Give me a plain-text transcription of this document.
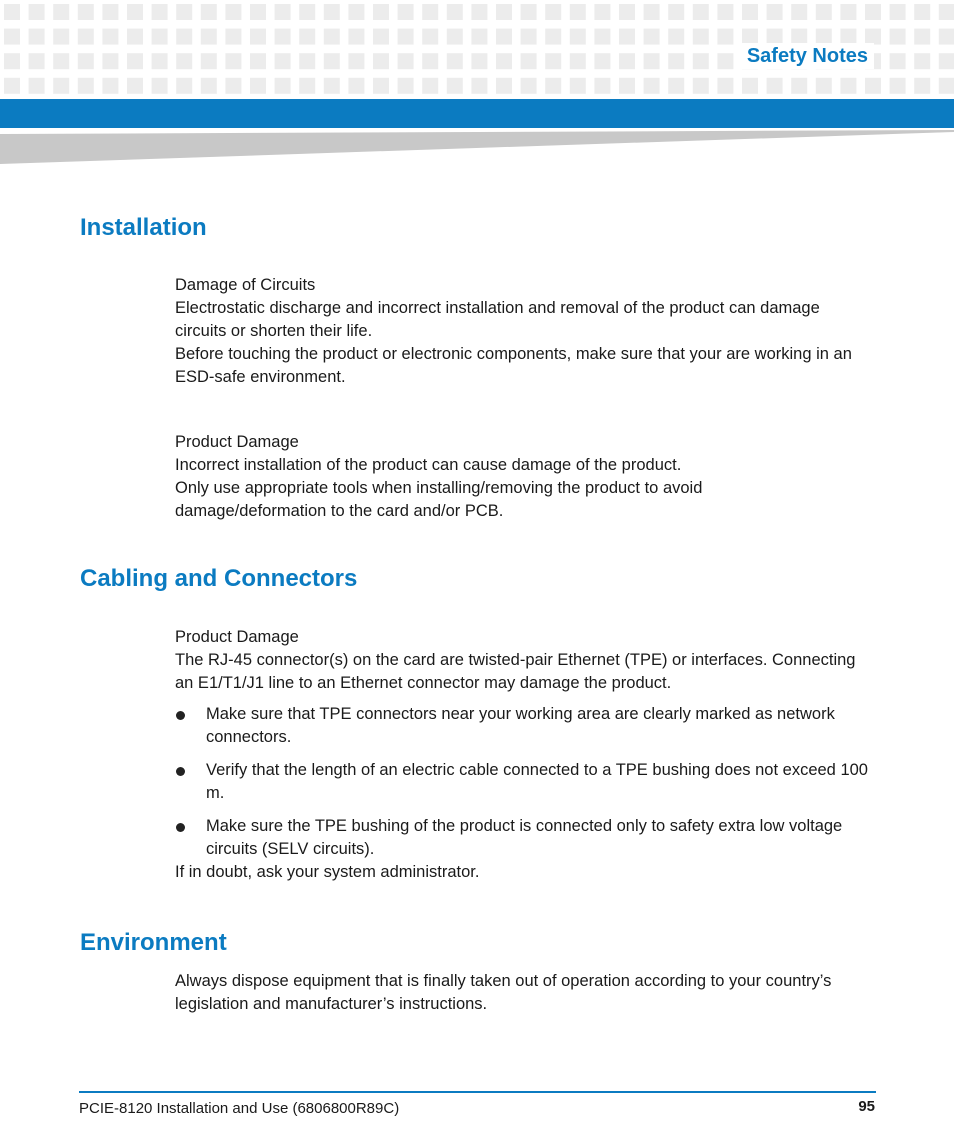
Safety Notes
Installation

Damage of Circuits

Electrostatic discharge and incorrect installation and removal of the product can damage circuits or shorten their life.

Before touching the product or electronic components, make sure that your are working in an ESD-safe environment.

Product Damage

Incorrect installation of the product can cause damage of the product.

Only use appropriate tools when installing/removing the product to avoid damage/deformation to the card and/or PCB.

Cabling and Connectors

Product Damage

The RJ-45 connector(s) on the card are twisted-pair Ethernet (TPE) or interfaces. Connecting an E1/T1/J1 line to an Ethernet connector may damage the product.

Make sure that TPE connectors near your working area are clearly marked as network connectors.
Verify that the length of an electric cable connected to a TPE bushing does not exceed 100 m.
Make sure the TPE bushing of the product is connected only to safety extra low voltage circuits (SELV circuits).

If in doubt, ask your system administrator.

Environment

Always dispose equipment that is finally taken out of operation according to your country’s legislation and manufacturer’s instructions.

PCIE-8120 Installation and Use (6806800R89C)	95
